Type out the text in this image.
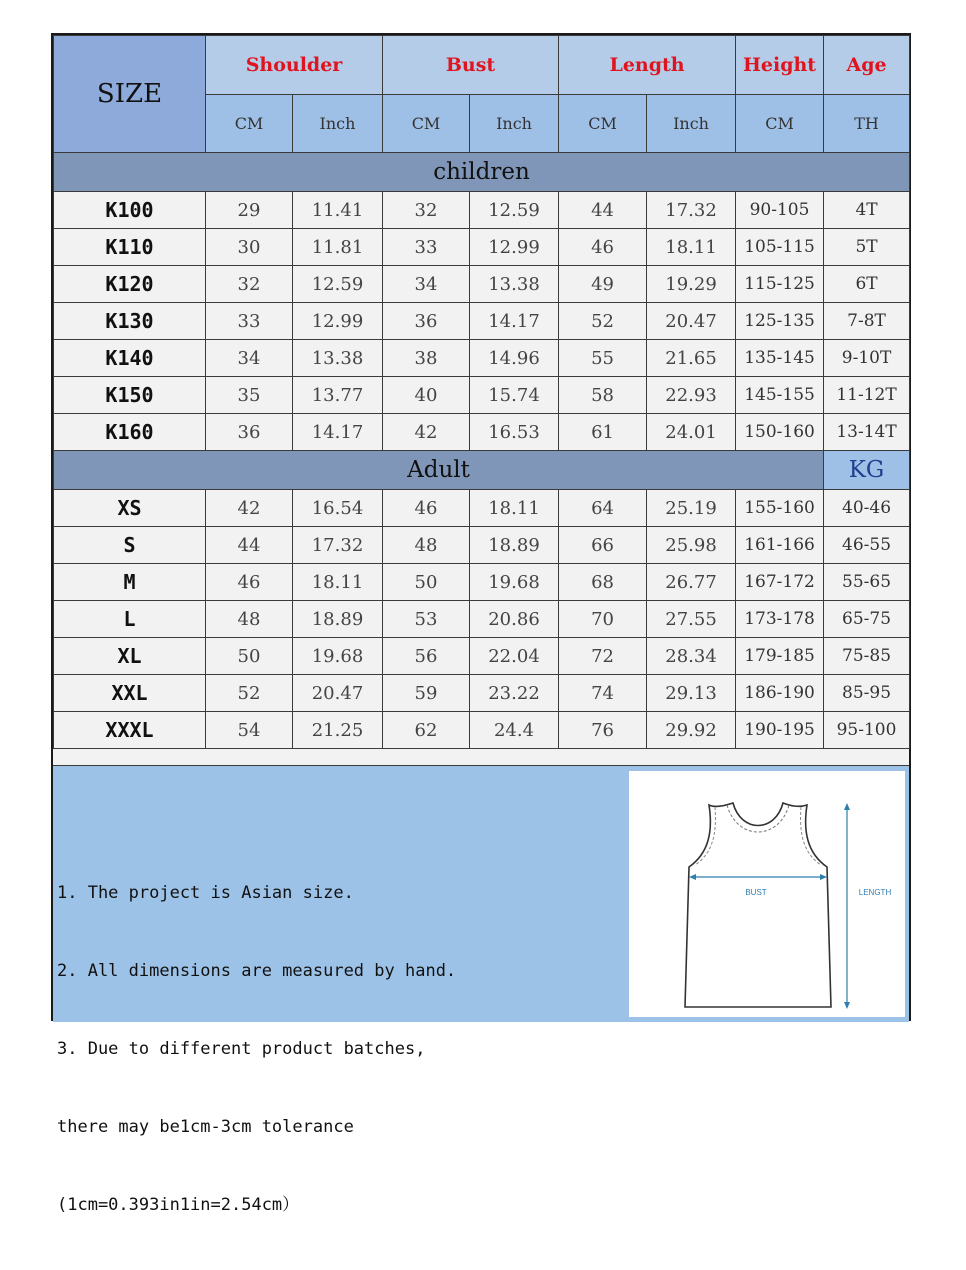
SIZE	Shoulder		Bust		Length		Height	Age
	CM	Inch	CM	Inch	CM	Inch	CM	TH
children								
K100	29	11.41	32	12.59	44	17.32	90-105	4T
K110	30	11.81	33	12.99	46	18.11	105-115	5T
K120	32	12.59	34	13.38	49	19.29	115-125	6T
K130	33	12.99	36	14.17	52	20.47	125-135	7-8T
K140	34	13.38	38	14.96	55	21.65	135-145	9-10T
K150	35	13.77	40	15.74	58	22.93	145-155	11-12T
K160	36	14.17	42	16.53	61	24.01	150-160	13-14T
Adult								KG
XS	42	16.54	46	18.11	64	25.19	155-160	40-46
S	44	17.32	48	18.89	66	25.98	161-166	46-55
M	46	18.11	50	19.68	68	26.77	167-172	55-65
L	48	18.89	53	20.86	70	27.55	173-178	65-75
XL	50	19.68	56	22.04	72	28.34	179-185	75-85
XXL	52	20.47	59	23.22	74	29.13	186-190	85-95
XXXL	54	21.25	62	24.4	76	29.92	190-195	95-100

1. The project is Asian size.

2. All dimensions are measured by hand.

3. Due to different product batches,

there may be1cm-3cm tolerance

(1cm=0.393in1in=2.54cm）

BUST	LENGTH
